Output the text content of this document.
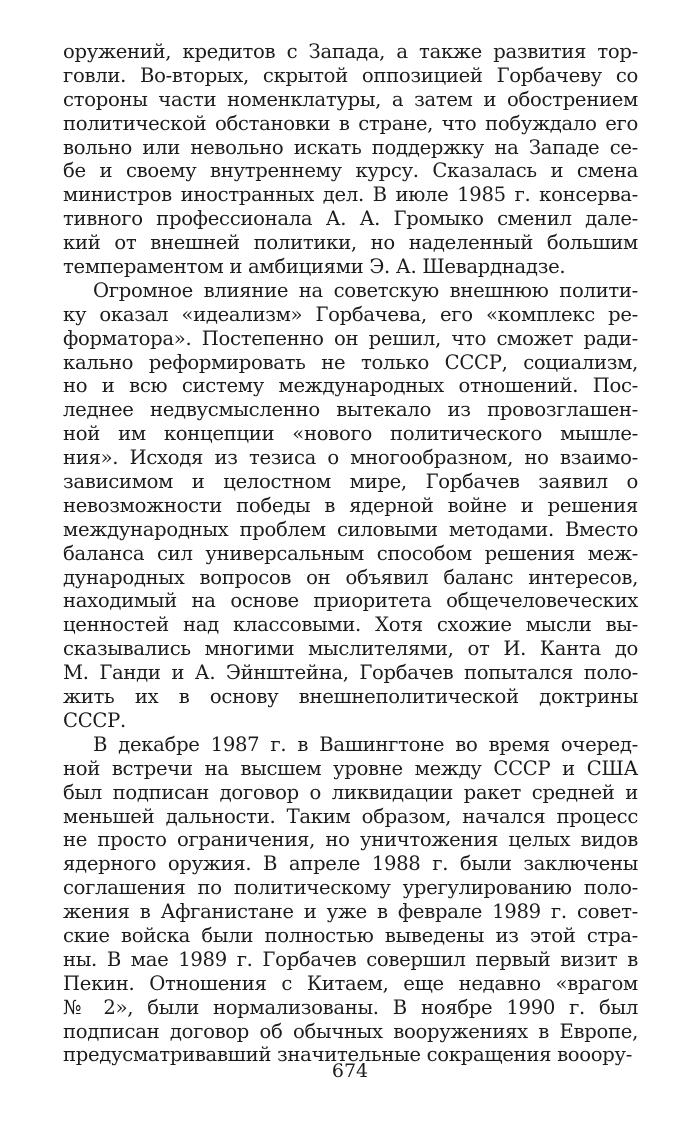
оружений, кредитов с Запада, а также развития тор-
говли. Во-вторых, скрытой оппозицией Горбачеву со
стороны части номенклатуры, а затем и обострением
политической обстановки в стране, что побуждало его
вольно или невольно искать поддержку на Западе се-
бе и своему внутреннему курсу. Сказалась и смена
министров иностранных дел. В июле 1985 г. консерва-
тивного профессионала А. А. Громыко сменил дале-
кий от внешней политики, но наделенный большим
темпераментом и амбициями Э. А. Шеварднадзе.
Огромное влияние на советскую внешнюю полити-
ку оказал «идеализм» Горбачева, его «комплекс ре-
форматора». Постепенно он решил, что сможет ради-
кально реформировать не только СССР, социализм,
но и всю систему международных отношений. Пос-
леднее недвусмысленно вытекало из провозглашен-
ной им концепции «нового политического мышле-
ния». Исходя из тезиса о многообразном, но взаимо-
зависимом и целостном мире, Горбачев заявил о
невозможности победы в ядерной войне и решения
международных проблем силовыми методами. Вместо
баланса сил универсальным способом решения меж-
дународных вопросов он объявил баланс интересов,
находимый на основе приоритета общечеловеческих
ценностей над классовыми. Хотя схожие мысли вы-
сказывались многими мыслителями, от И. Канта до
М. Ганди и А. Эйнштейна, Горбачев попытался поло-
жить их в основу внешнеполитической доктрины
СССР.
В декабре 1987 г. в Вашингтоне во время очеред-
ной встречи на высшем уровне между СССР и США
был подписан договор о ликвидации ракет средней и
меньшей дальности. Таким образом, начался процесс
не просто ограничения, но уничтожения целых видов
ядерного оружия. В апреле 1988 г. были заключены
соглашения по политическому урегулированию поло-
жения в Афганистане и уже в феврале 1989 г. совет-
ские войска были полностью выведены из этой стра-
ны. В мае 1989 г. Горбачев совершил первый визит в
Пекин. Отношения с Китаем, еще недавно «врагом
№ 2», были нормализованы. В ноябре 1990 г. был
подписан договор об обычных вооружениях в Европе,
предусматривавший значительные сокращения вооору-
674
